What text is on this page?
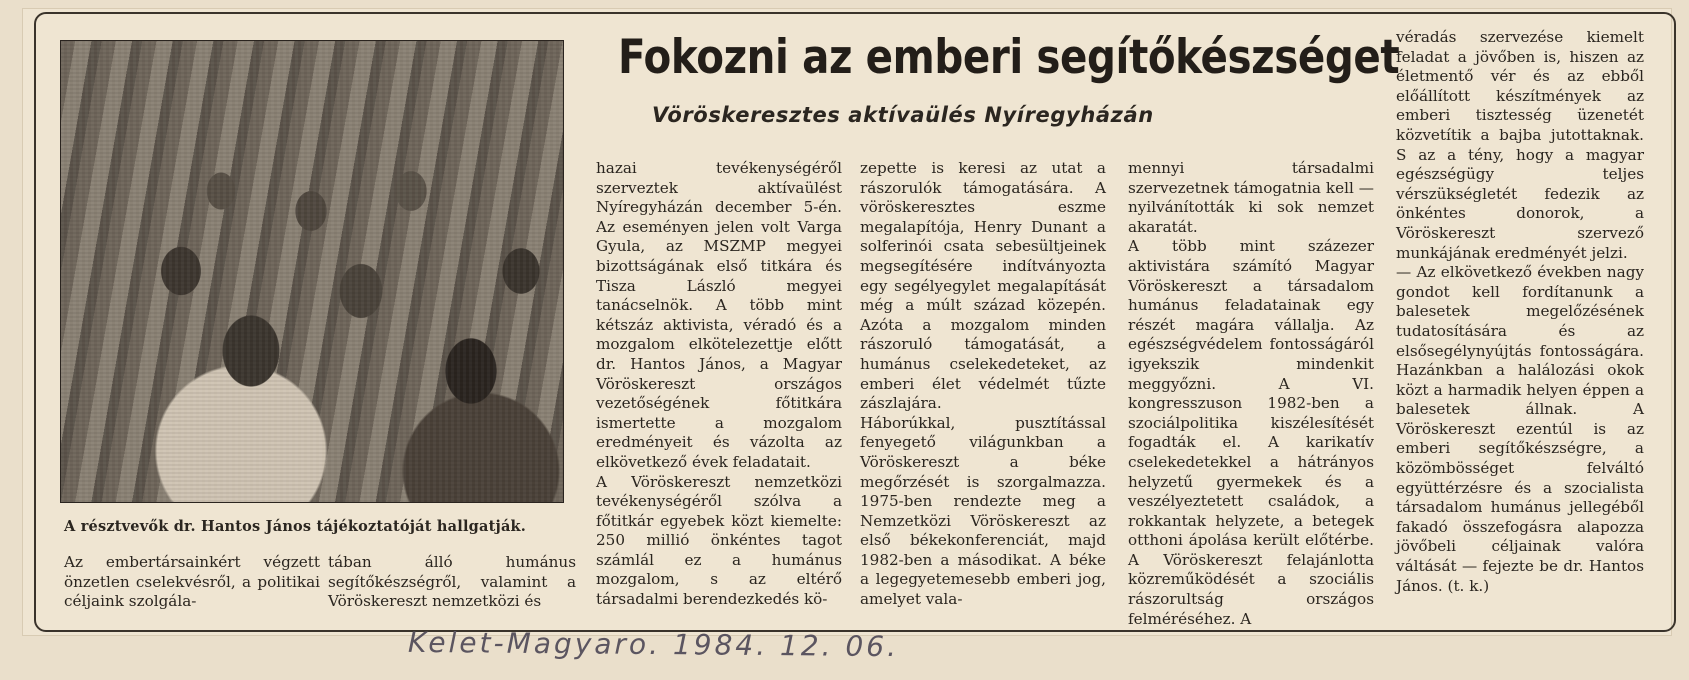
A résztvevők dr. Hantos János tájékoztatóját hallgatják.
Fokozni az emberi segítőkészséget
Vöröskeresztes aktívaülés Nyíregyházán
Az embertársainkért végzett önzetlen cselekvésről, a politikai céljaink szolgála-
tában álló humánus segítőkészségről, valamint a Vöröskereszt nemzetközi és
hazai tevékenységéről szerveztek aktívaülést Nyíregyházán december 5-én. Az eseményen jelen volt Varga Gyula, az MSZMP megyei bizottságának első titkára és Tisza László megyei tanácselnök. A több mint kétszáz aktivista, véradó és a mozgalom elkötelezettje előtt dr. Hantos János, a Magyar Vöröskereszt országos vezetőségének főtitkára ismertette a mozgalom eredményeit és vázolta az elkövetkező évek feladatait.
A Vöröskereszt nemzetközi tevékenységéről szólva a főtitkár egyebek közt kiemelte: 250 millió önkéntes tagot számlál ez a humánus mozgalom, s az eltérő társadalmi berendezkedés kö-
zepette is keresi az utat a rászorulók támogatására. A vöröskeresztes eszme megalapítója, Henry Dunant a solferinói csata sebesültjeinek megsegítésére indítványozta egy segélyegylet megalapítását még a múlt század közepén. Azóta a mozgalom minden rászoruló támogatását, a humánus cselekedeteket, az emberi élet védelmét tűzte zászlajára.
Háborúkkal, pusztítással fenyegető világunkban a Vöröskereszt a béke megőrzését is szorgalmazza. 1975-ben rendezte meg a Nemzetközi Vöröskereszt az első békekonferenciát, majd 1982-ben a másodikat. A béke a legegyetemesebb emberi jog, amelyet vala-
mennyi társadalmi szervezetnek támogatnia kell — nyilvánították ki sok nemzet akaratát.
A több mint százezer aktivistára számító Magyar Vöröskereszt a társadalom humánus feladatainak egy részét magára vállalja. Az egészségvédelem fontosságáról igyekszik mindenkit meggyőzni. A VI. kongresszuson 1982-ben a szociálpolitika kiszélesítését fogadták el. A karikatív cselekedetekkel a hátrányos helyzetű gyermekek és a veszélyeztetett családok, a rokkantak helyzete, a betegek otthoni ápolása került előtérbe. A Vöröskereszt felajánlotta közreműködését a szociális rászorultság országos felméréséhez. A
véradás szervezése kiemelt feladat a jövőben is, hiszen az életmentő vér és az ebből előállított készítmények az emberi tisztesség üzenetét közvetítik a bajba jutottaknak. S az a tény, hogy a magyar egészségügy teljes vérszükségletét fedezik az önkéntes donorok, a Vöröskereszt szervező munkájának eredményét jelzi.
— Az elkövetkező években nagy gondot kell fordítanunk a balesetek megelőzésének tudatosítására és az elsősegélynyújtás fontosságára. Hazánkban a halálozási okok közt a harmadik helyen éppen a balesetek állnak. A Vöröskereszt ezentúl is az emberi segítőkészségre, a közömbösséget felváltó együttérzésre és a szocialista társadalom humánus jellegéből fakadó összefogásra alapozza jövőbeli céljainak valóra váltását — fejezte be dr. Hantos János. (t. k.)
Kelet-Magyaro. 1984. 12. 06.
